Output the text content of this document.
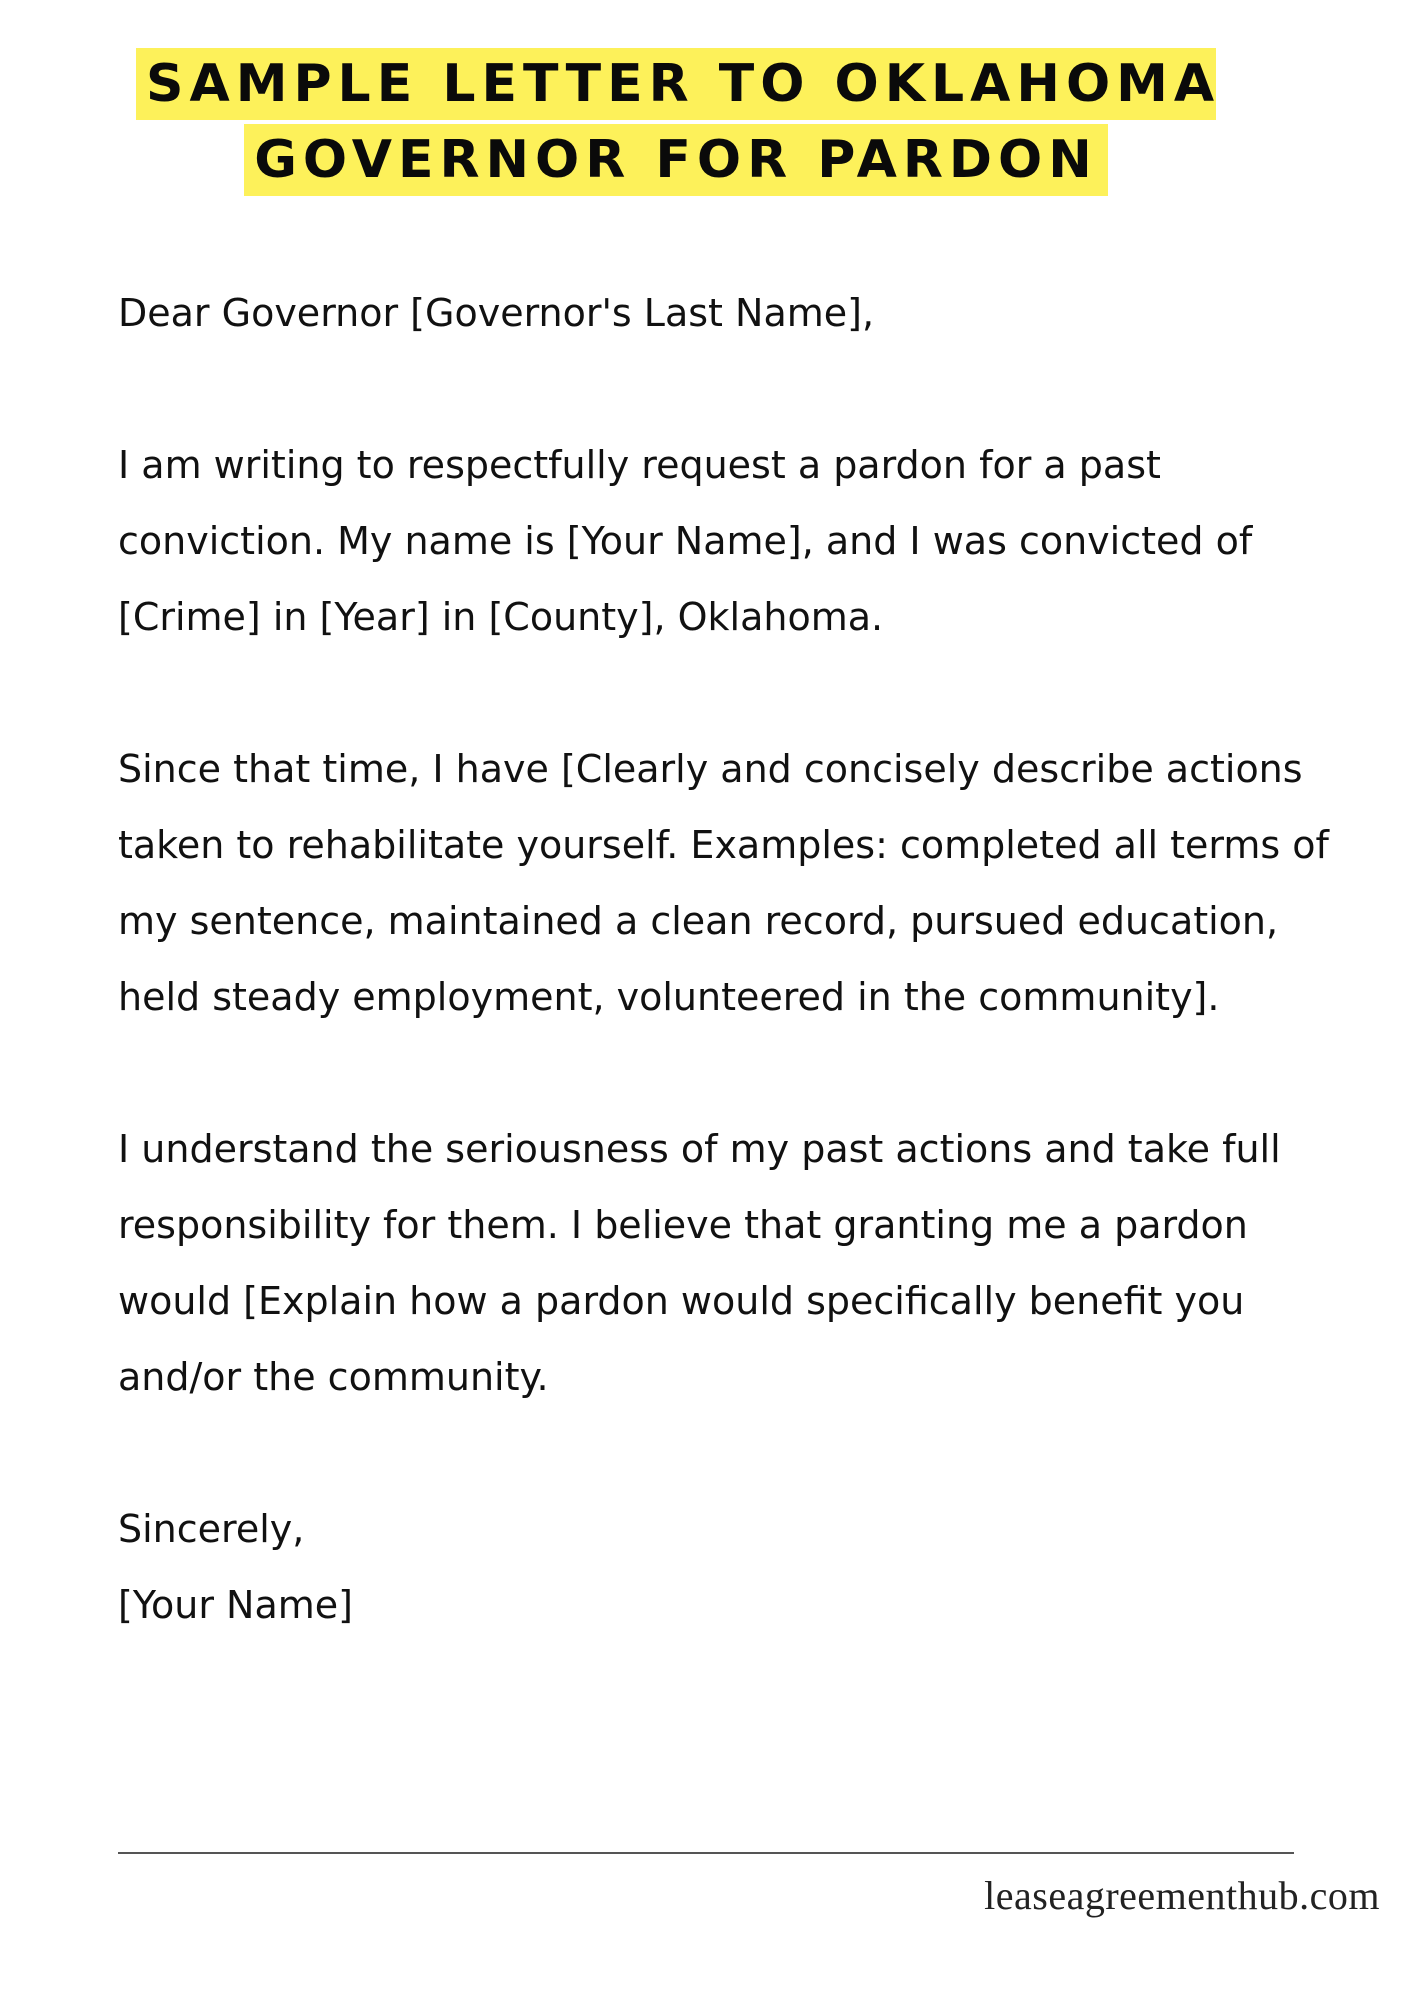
SAMPLE LETTER TO OKLAHOMA
GOVERNOR FOR PARDON

Dear Governor [Governor's Last Name],

I am writing to respectfully request a pardon for a past conviction. My name is [Your Name], and I was convicted of [Crime] in [Year] in [County], Oklahoma.

Since that time, I have [Clearly and concisely describe actions taken to rehabilitate yourself. Examples: completed all terms of my sentence, maintained a clean record, pursued education, held steady employment, volunteered in the community].

I understand the seriousness of my past actions and take full responsibility for them. I believe that granting me a pardon would [Explain how a pardon would specifically benefit you and/or the community.

Sincerely,
[Your Name]
leaseagreementhub.com
